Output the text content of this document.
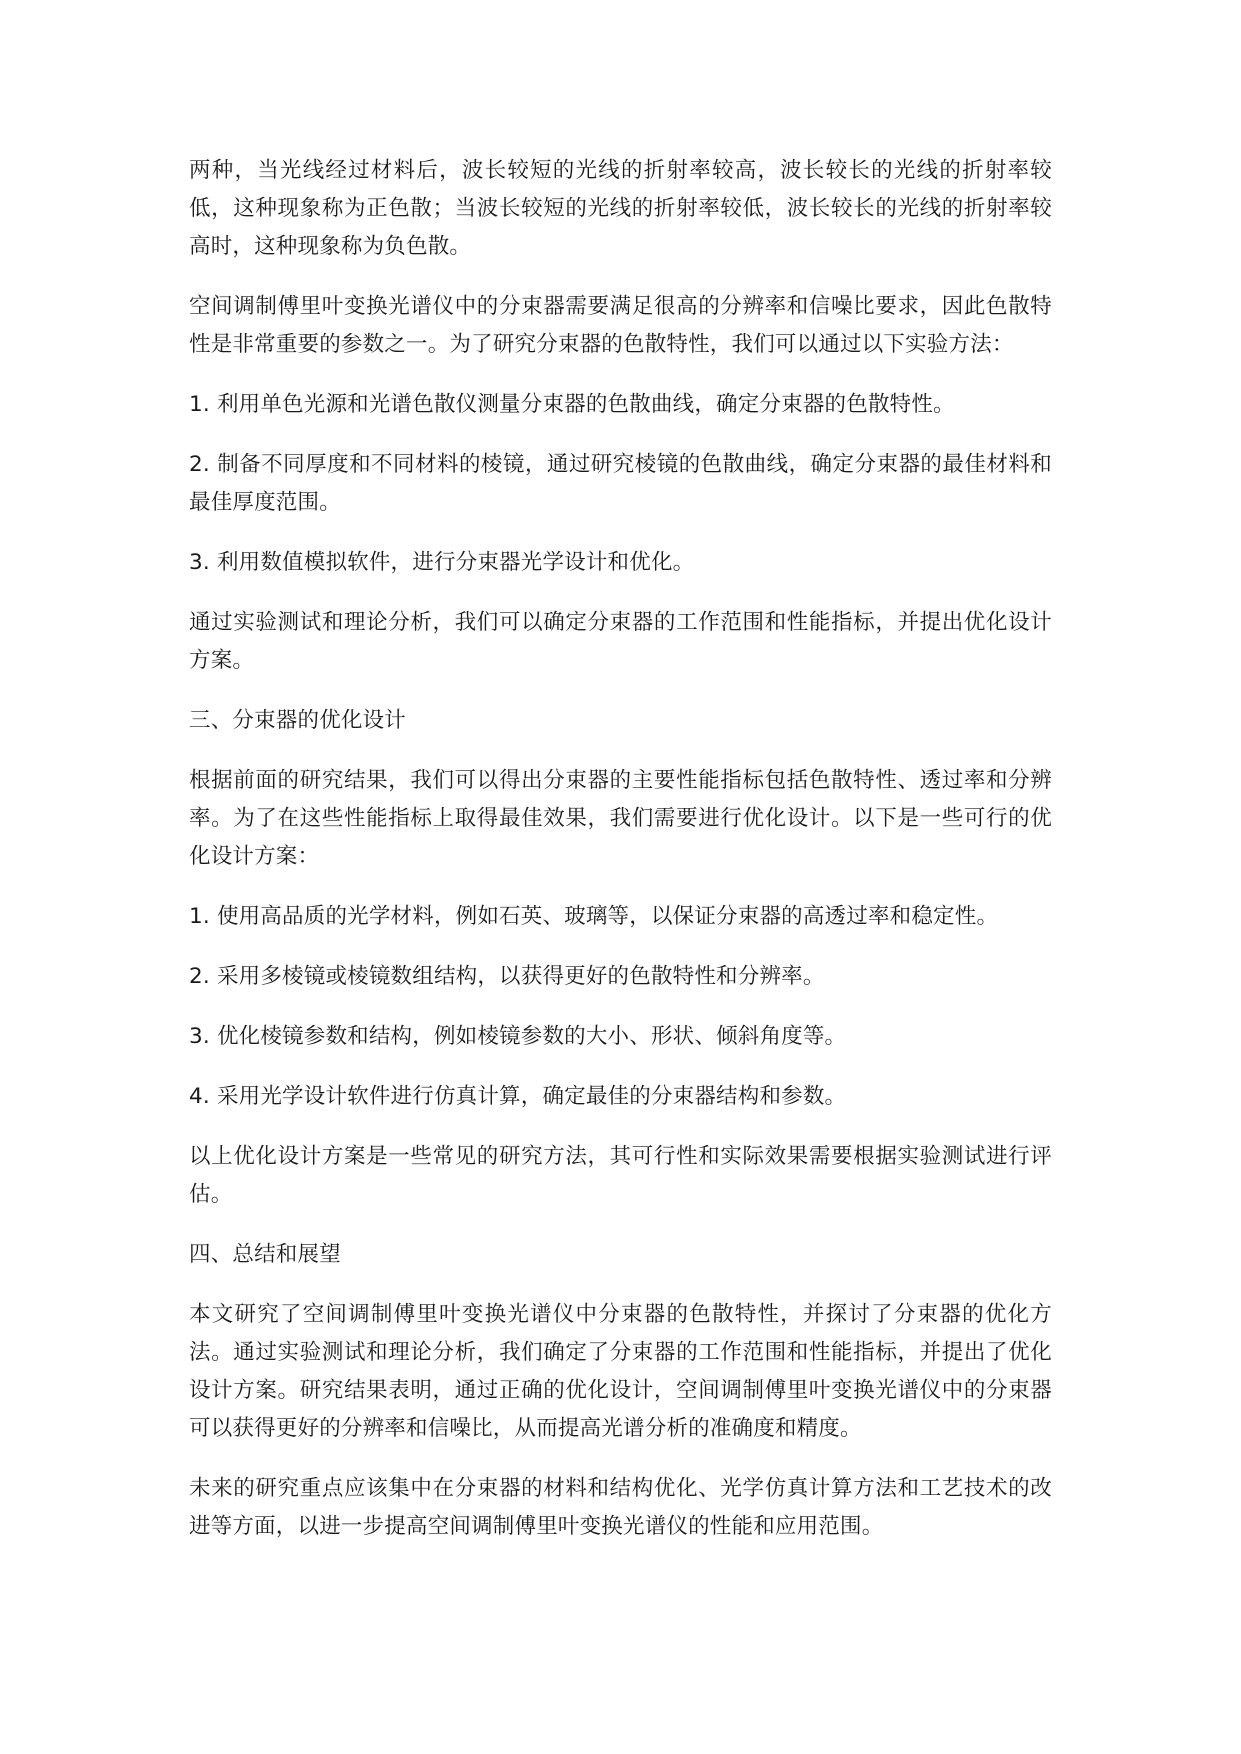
两种，当光线经过材料后，波长较短的光线的折射率较高，波长较长的光线的折射率较低，这种现象称为正色散；当波长较短的光线的折射率较低，波长较长的光线的折射率较高时，这种现象称为负色散。

空间调制傅里叶变换光谱仪中的分束器需要满足很高的分辨率和信噪比要求，因此色散特性是非常重要的参数之一。为了研究分束器的色散特性，我们可以通过以下实验方法：

1. 利用单色光源和光谱色散仪测量分束器的色散曲线，确定分束器的色散特性。

2. 制备不同厚度和不同材料的棱镜，通过研究棱镜的色散曲线，确定分束器的最佳材料和最佳厚度范围。

3. 利用数值模拟软件，进行分束器光学设计和优化。

通过实验测试和理论分析，我们可以确定分束器的工作范围和性能指标，并提出优化设计方案。

三、分束器的优化设计

根据前面的研究结果，我们可以得出分束器的主要性能指标包括色散特性、透过率和分辨率。为了在这些性能指标上取得最佳效果，我们需要进行优化设计。以下是一些可行的优化设计方案：

1. 使用高品质的光学材料，例如石英、玻璃等，以保证分束器的高透过率和稳定性。

2. 采用多棱镜或棱镜数组结构，以获得更好的色散特性和分辨率。

3. 优化棱镜参数和结构，例如棱镜参数的大小、形状、倾斜角度等。

4. 采用光学设计软件进行仿真计算，确定最佳的分束器结构和参数。

以上优化设计方案是一些常见的研究方法，其可行性和实际效果需要根据实验测试进行评估。

四、总结和展望

本文研究了空间调制傅里叶变换光谱仪中分束器的色散特性，并探讨了分束器的优化方法。通过实验测试和理论分析，我们确定了分束器的工作范围和性能指标，并提出了优化设计方案。研究结果表明，通过正确的优化设计，空间调制傅里叶变换光谱仪中的分束器可以获得更好的分辨率和信噪比，从而提高光谱分析的准确度和精度。

未来的研究重点应该集中在分束器的材料和结构优化、光学仿真计算方法和工艺技术的改进等方面，以进一步提高空间调制傅里叶变换光谱仪的性能和应用范围。
